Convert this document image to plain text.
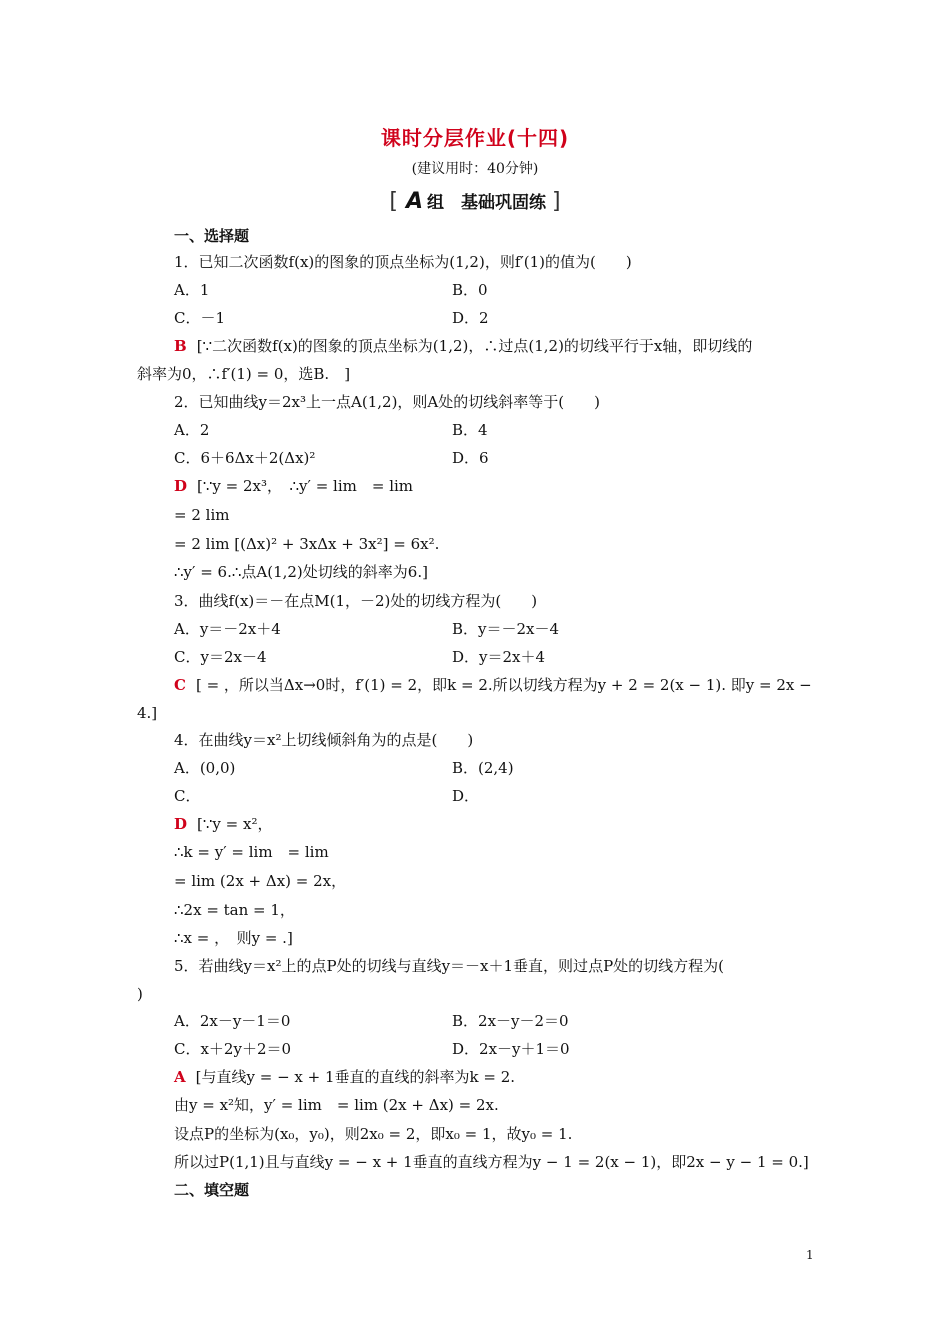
课时分层作业(十四)
(建议用时：40分钟)
[ A 组　基础巩固练 ]
一、选择题
1．已知二次函数f(x)的图象的顶点坐标为(1,2)，则f′(1)的值为(　　)
A．1	B．0
C．－1	D．2
B [∵二次函数f(x)的图象的顶点坐标为(1,2)，∴过点(1,2)的切线平行于x轴，即切线的
斜率为0，∴f′(1) = 0，选B.　]
2．已知曲线y＝2x³上一点A(1,2)，则A处的切线斜率等于(　　)
A．2	B．4
C．6＋6Δx＋2(Δx)²	D．6
D [∵y = 2x³，　∴y′ = lim　= lim
= 2 lim
= 2 lim [(Δx)² + 3xΔx + 3x²] = 6x².
∴y′ = 6.∴点A(1,2)处切线的斜率为6.]
3．曲线f(x)＝－在点M(1，－2)处的切线方程为(　　)
A．y＝－2x＋4	B．y＝－2x－4
C．y＝2x－4	D．y＝2x＋4
C [ = ，所以当Δx→0时，f′(1) = 2，即k = 2.所以切线方程为y + 2 = 2(x − 1). 即y = 2x −
4.]
4．在曲线y＝x²上切线倾斜角为的点是(　　)
A．(0,0)	B．(2,4)
C．	D．
D [∵y = x²，
∴k = y′ = lim　= lim
= lim (2x + Δx) = 2x，
∴2x = tan = 1，
∴x = ，　则y = .]
5．若曲线y＝x²上的点P处的切线与直线y＝－x＋1垂直，则过点P处的切线方程为(
)
A．2x－y－1＝0	B．2x－y－2＝0
C．x＋2y＋2＝0	D．2x－y＋1＝0
A [与直线y = − x + 1垂直的直线的斜率为k = 2.
由y = x²知，y′ = lim　= lim (2x + Δx) = 2x.
设点P的坐标为(x₀，y₀)，则2x₀ = 2，即x₀ = 1，故y₀ = 1.
所以过P(1,1)且与直线y = − x + 1垂直的直线方程为y − 1 = 2(x − 1)，即2x − y − 1 = 0.]
二、填空题
1
